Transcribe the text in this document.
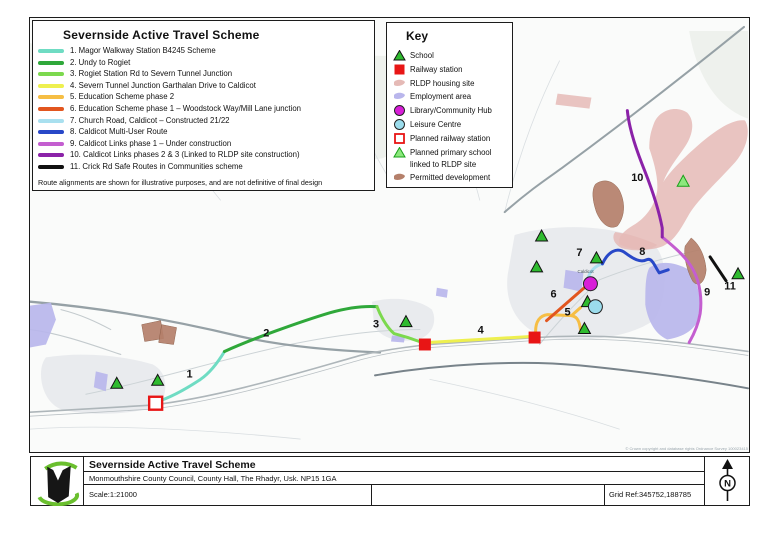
Caldicot
1
2
3	4
5
6
7	8
9
10
11
Severnside Active Travel Scheme
1. Magor Walkway Station B4245 Scheme
2. Undy to Rogiet
3. Rogiet Station Rd to Severn Tunnel Junction
4. Severn Tunnel Junction Garthalan Drive to Caldicot
5. Education Scheme phase 2
6. Education Scheme phase 1 – Woodstock Way/Mill Lane junction
7. Church Road, Caldicot – Constructed 21/22
8. Caldicot Multi-User Route
9. Caldicot Links phase 1 – Under construction
10. Caldicot Links phases 2 & 3 (Linked to RLDP site construction)
11. Crick Rd Safe Routes in Communities scheme
Route alignments are shown for illustrative purposes, and are not definitive of final design
Key
School
Railway station
RLDP housing site
Employment area
Library/Community Hub
Leisure Centre
Planned railway station
Planned primary school
linked to RLDP site
Permitted development
© Crown copyright and database rights Ordnance Survey 100023415
Severnside Active Travel Scheme
Monmouthshire County Council, County Hall, The Rhadyr, Usk. NP15 1GA
Scale:1:21000	Grid Ref:345752,188785
N
